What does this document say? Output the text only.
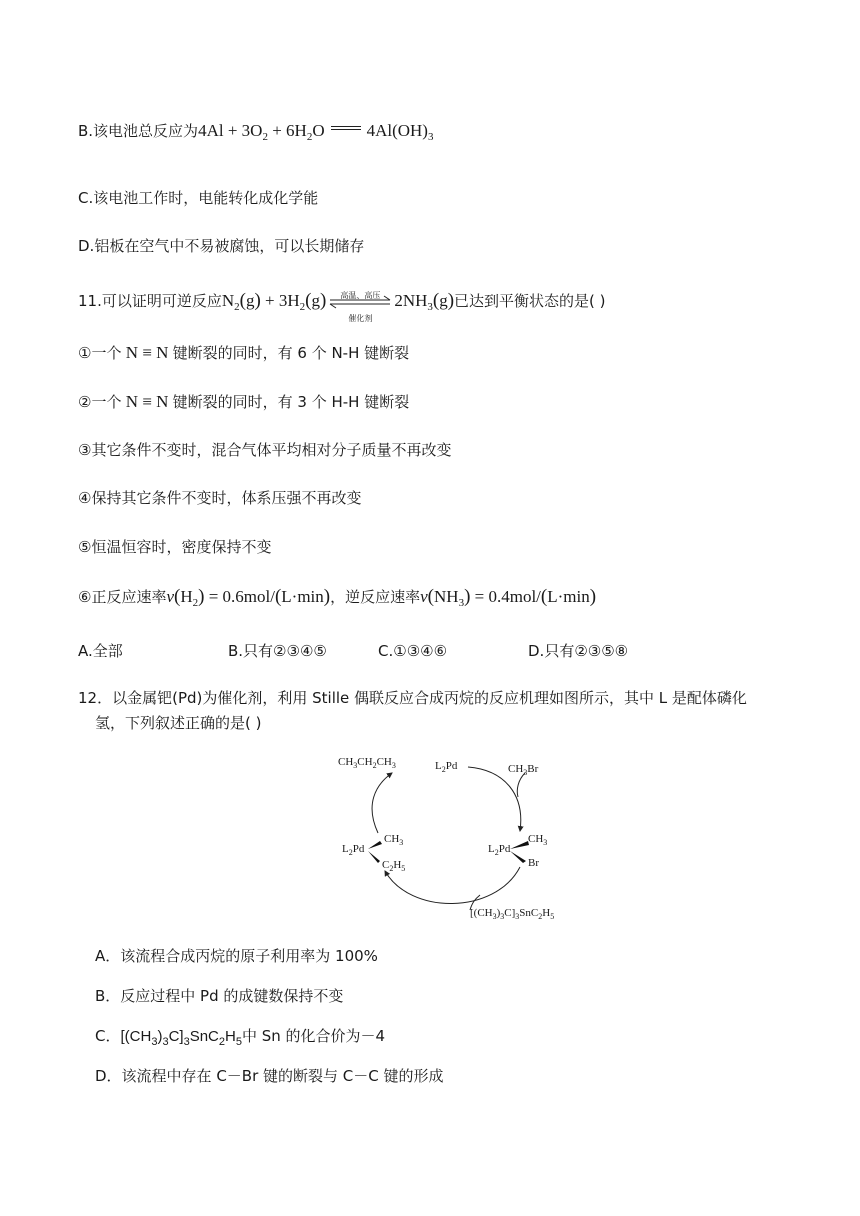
B.该电池总反应为$4Al + 3O_2 + 6H_2O$ $4Al(OH)_3$
C.该电池工作时，电能转化成化学能
D.铝板在空气中不易被腐蚀，可以长期储存
11.可以证明可逆反应$N_2(g) + 3H_2(g)$	高温、高压
催化剂
$2NH_3(g)$已达到平衡状态的是( )
①一个 N ≡ N 键断裂的同时，有 6 个 N-H 键断裂
②一个 N ≡ N 键断裂的同时，有 3 个 H-H 键断裂
③其它条件不变时，混合气体平均相对分子质量不再改变
④保持其它条件不变时，体系压强不再改变
⑤恒温恒容时，密度保持不变
⑥正反应速率$v(H_2) = 0.6mol/(L\cdot\min)$，逆反应速率$v(NH_3) = 0.4mol/(L\cdot\min)$
A.全部	B.只有②③④⑤	C.①③④⑥	D.只有②③⑤⑧
12．以金属钯(Pd)为催化剂，利用 Stille 偶联反应合成丙烷的反应机理如图所示，其中 L 是配体磷化
氢，下列叙述正确的是( )
$CH_3CH_2CH_3$	$L_2Pd$	$CH_3Br$
$L_2Pd$
$CH_3$
Br
$L_2Pd$
$CH_3$
$C_2H_5$
$[(CH_3)_3C]_3SnC_2H_5$
A．该流程合成丙烷的原子利用率为 100%
B．反应过程中 Pd 的成键数保持不变
C．$[(CH_3)_3C]_3SnC_2H_5$中 Sn 的化合价为－4
D．该流程中存在 C－Br 键的断裂与 C－C 键的形成
